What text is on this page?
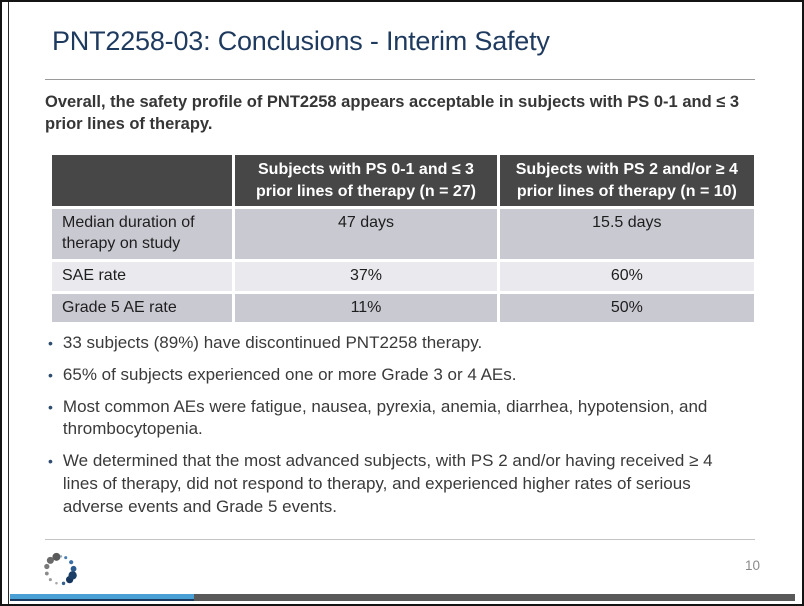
PNT2258-03: Conclusions - Interim Safety

Overall, the safety profile of PNT2258 appears acceptable in subjects with PS 0-1 and ≤ 3 prior lines of therapy.

	Subjects with PS 0-1 and ≤ 3 prior lines of therapy (n = 27)	Subjects with PS 2 and/or ≥ 4 prior lines of therapy (n = 10)
Median duration of therapy on study	47 days	15.5 days
SAE rate	37%	60%
Grade 5 AE rate	11%	50%
• 33 subjects (89%) have discontinued PNT2258 therapy.
• 65% of subjects experienced one or more Grade 3 or 4 AEs.
• Most common AEs were fatigue, nausea, pyrexia, anemia, diarrhea, hypotension, and thrombocytopenia.
• We determined that the most advanced subjects, with PS 2 and/or having received ≥ 4 lines of therapy, did not respond to therapy, and experienced higher rates of serious adverse events and Grade 5 events.
10
